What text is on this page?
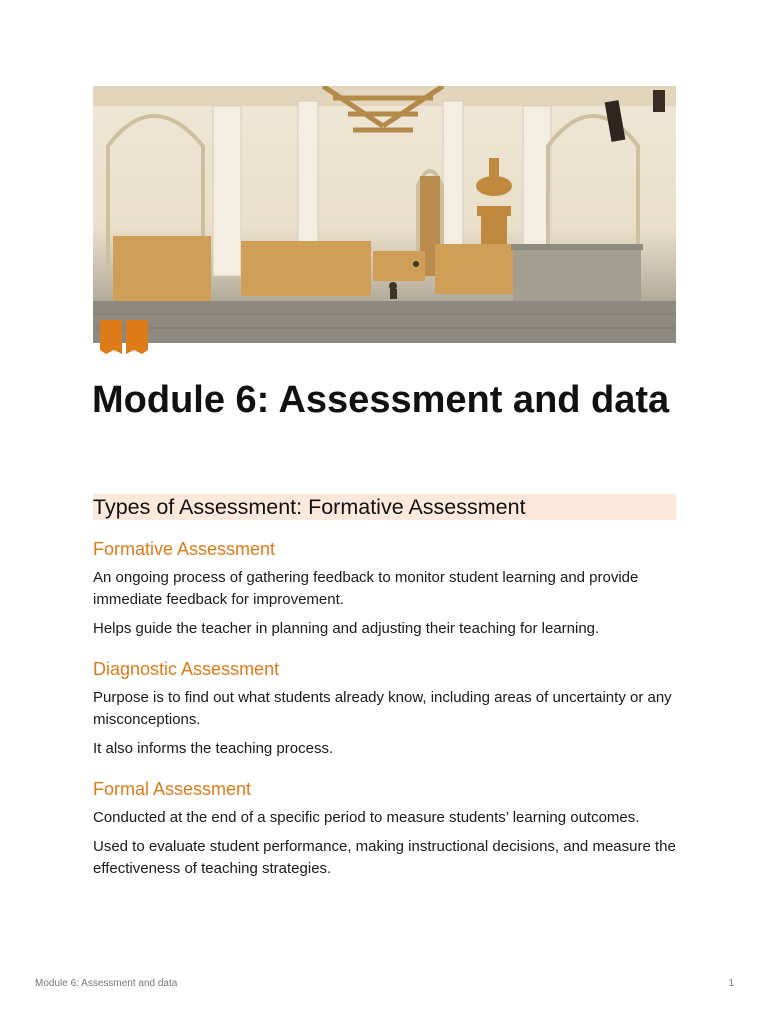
Module 6: Assessment and data
Types of Assessment: Formative Assessment
Formative Assessment

An ongoing process of gathering feedback to monitor student learning and provide immediate feedback for improvement.

Helps guide the teacher in planning and adjusting their teaching for learning.

Diagnostic Assessment

Purpose is to find out what students already know, including areas of uncertainty or any misconceptions.

It also informs the teaching process.

Formal Assessment

Conducted at the end of a specific period to measure students’ learning outcomes.

Used to evaluate student performance, making instructional decisions, and measure the effectiveness of teaching strategies.

Module 6: Assessment and data	1
